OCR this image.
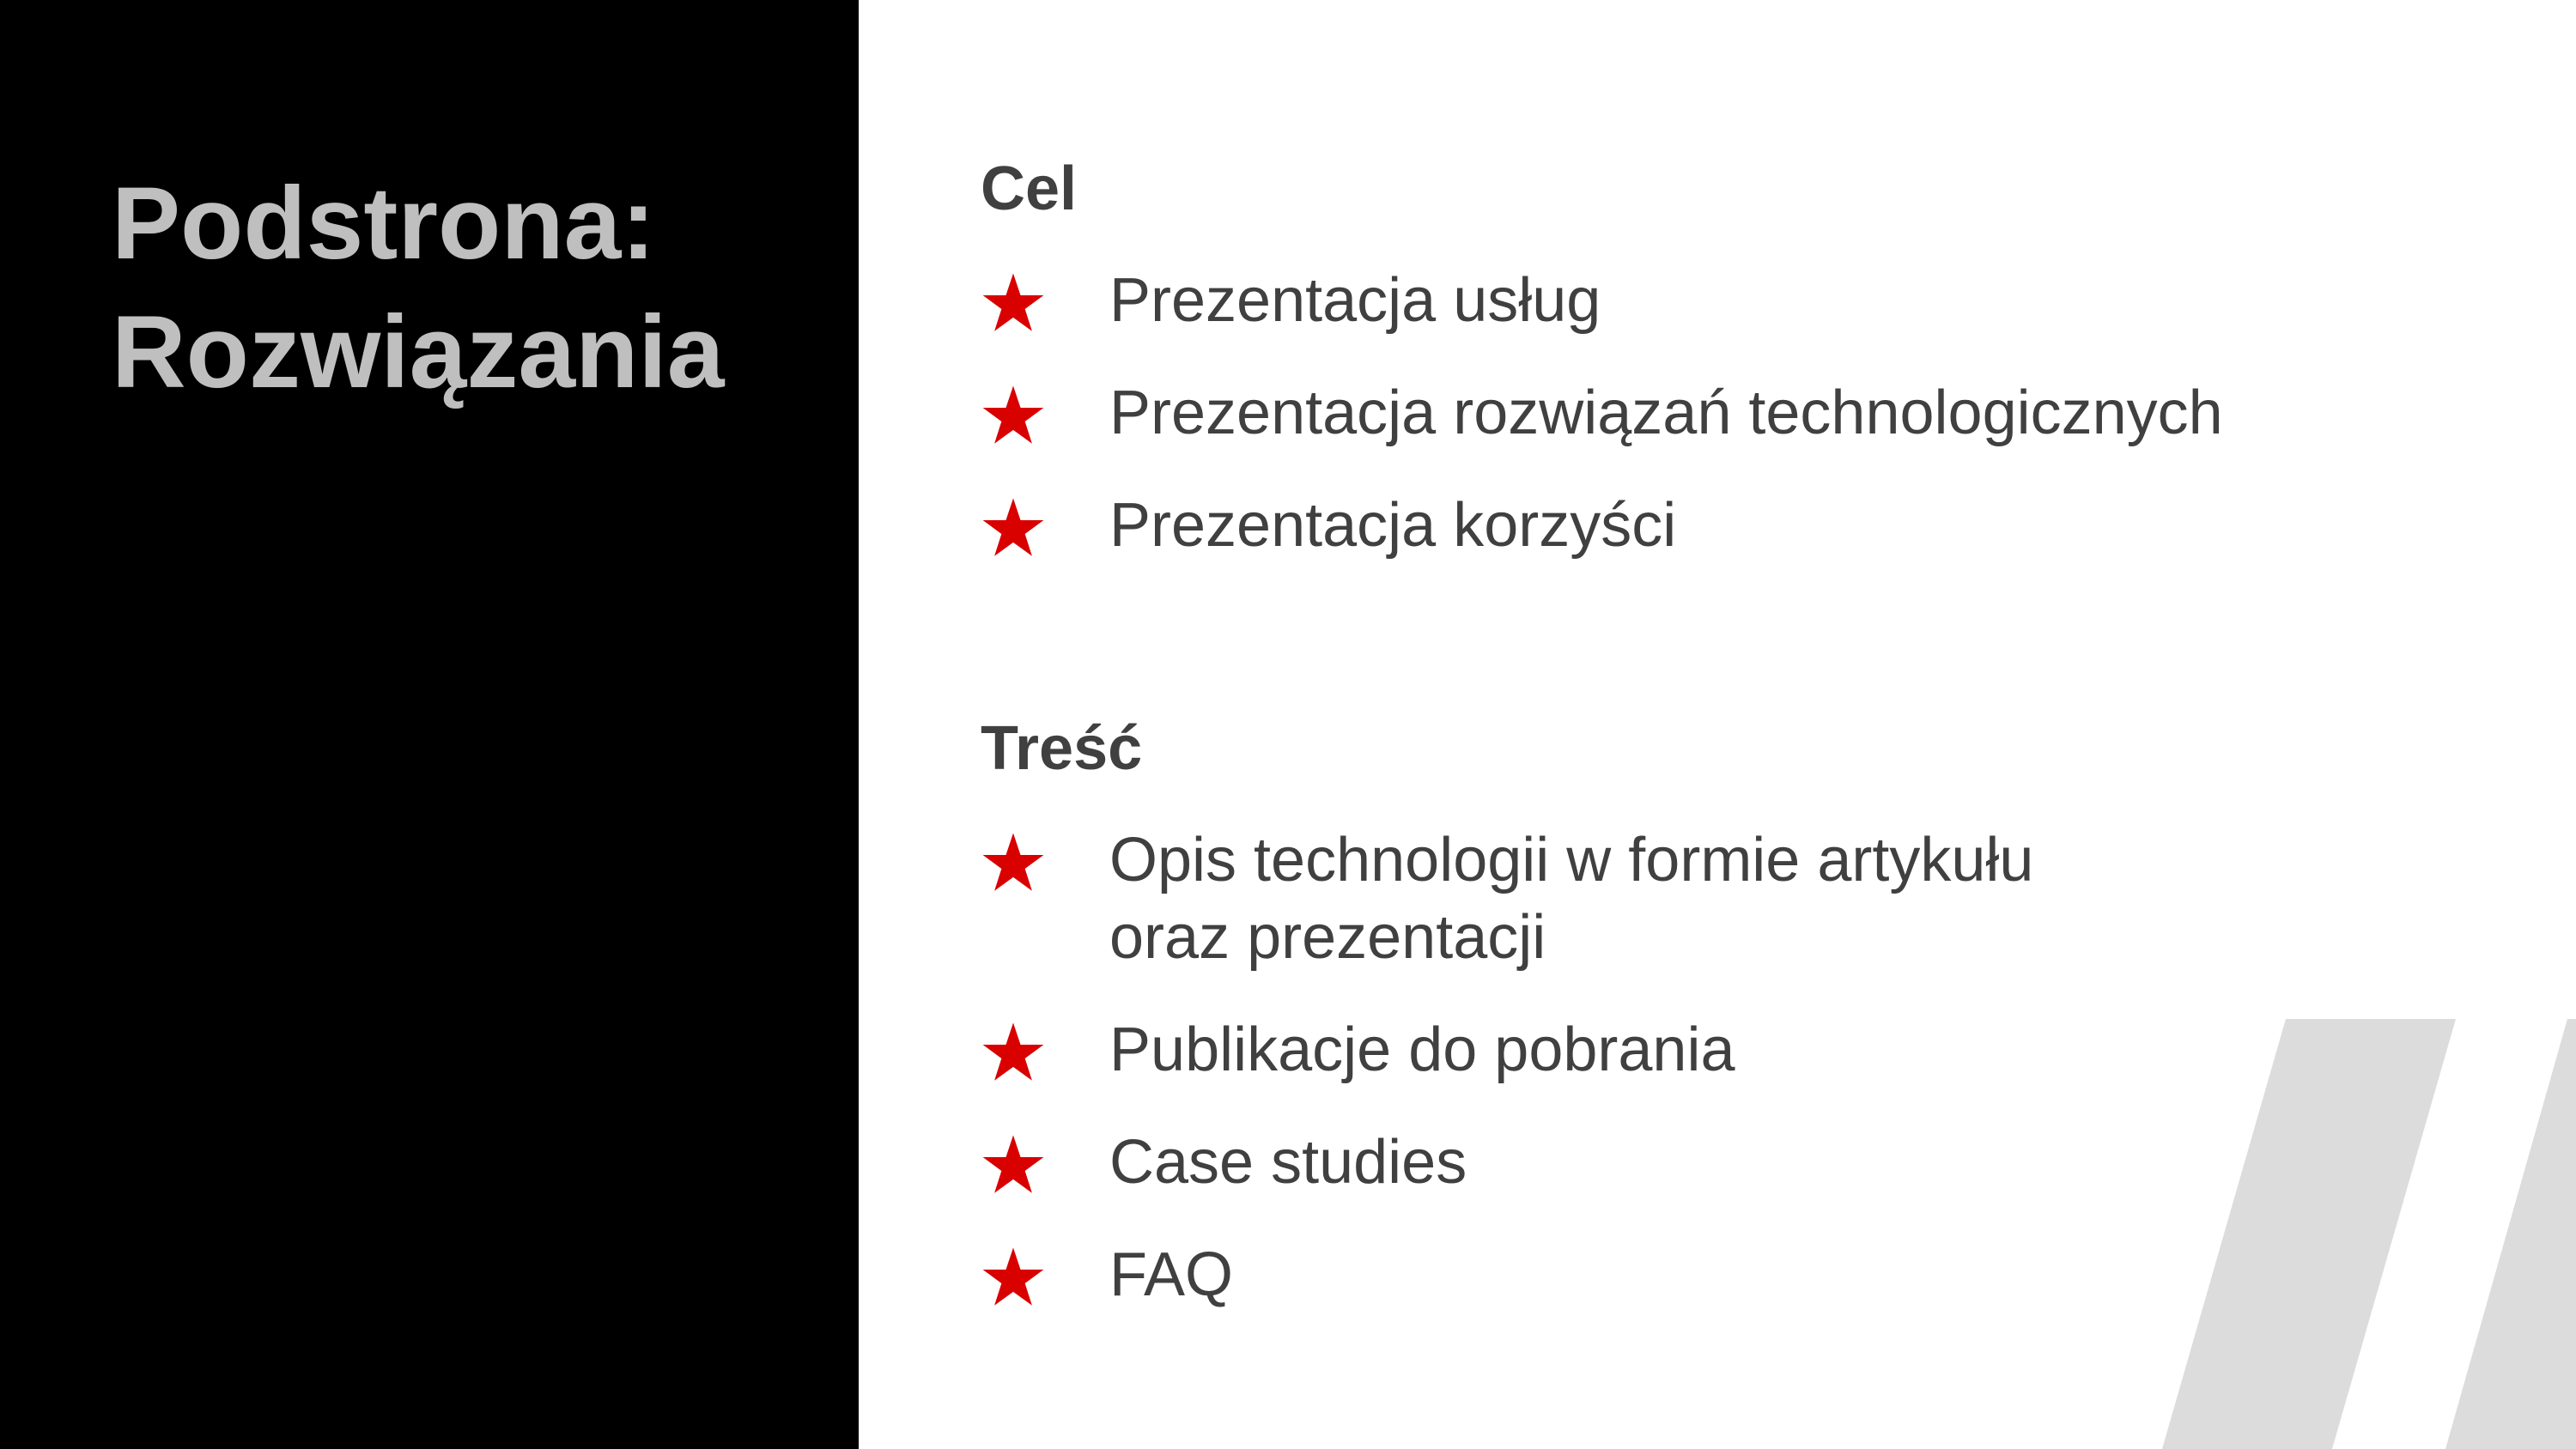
Podstrona:
Rozwiązania
Cel
Prezentacja usług
Prezentacja rozwiązań technologicznych
Prezentacja korzyści
Treść
Opis technologii w formie artykułu
oraz prezentacji
Publikacje do pobrania
Case studies
FAQ
